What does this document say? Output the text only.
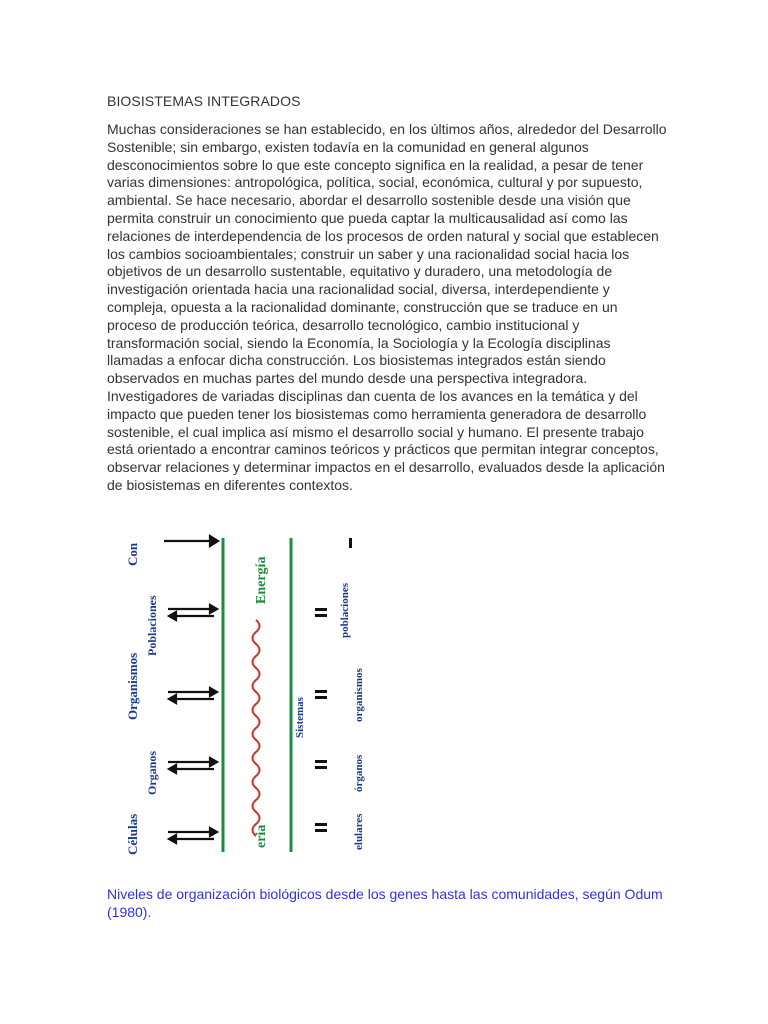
BIOSISTEMAS INTEGRADOS

Muchas consideraciones se han establecido, en los últimos años, alrededor del Desarrollo Sostenible; sin embargo, existen todavía en la comunidad en general algunos desconocimientos sobre lo que este concepto significa en la realidad, a pesar de tener varias dimensiones: antropológica, política, social, económica, cultural y por supuesto, ambiental. Se hace necesario, abordar el desarrollo sostenible desde una visión que permita construir un conocimiento que pueda captar la multicausalidad así como las relaciones de interdependencia de los procesos de orden natural y social que establecen los cambios socioambientales; construir un saber y una racionalidad social hacia los objetivos de un desarrollo sustentable, equitativo y duradero, una metodología de investigación orientada hacia una racionalidad social, diversa, interdependiente y compleja, opuesta a la racionalidad dominante, construcción que se traduce en un proceso de producción teórica, desarrollo tecnológico, cambio institucional y transformación social, siendo la Economía, la Sociología y la Ecología disciplinas llamadas a enfocar dicha construcción. Los biosistemas integrados están siendo observados en muchas partes del mundo desde una perspectiva integradora. Investigadores de variadas disciplinas dan cuenta de los avances en la temática y del impacto que pueden tener los biosistemas como herramienta generadora de desarrollo sostenible, el cual implica así mismo el desarrollo social y humano. El presente trabajo está orientado a encontrar caminos teóricos y prácticos que permitan integrar conceptos, observar relaciones y determinar impactos en el desarrollo, evaluados desde la aplicación de biosistemas en diferentes contextos.

Células
Organos
Organismos
Poblaciones
Con
Energía
eria
Sistemas
elulares
órganos
organismos
poblaciones
Niveles de organización biológicos desde los genes hasta las comunidades, según Odum (1980).
